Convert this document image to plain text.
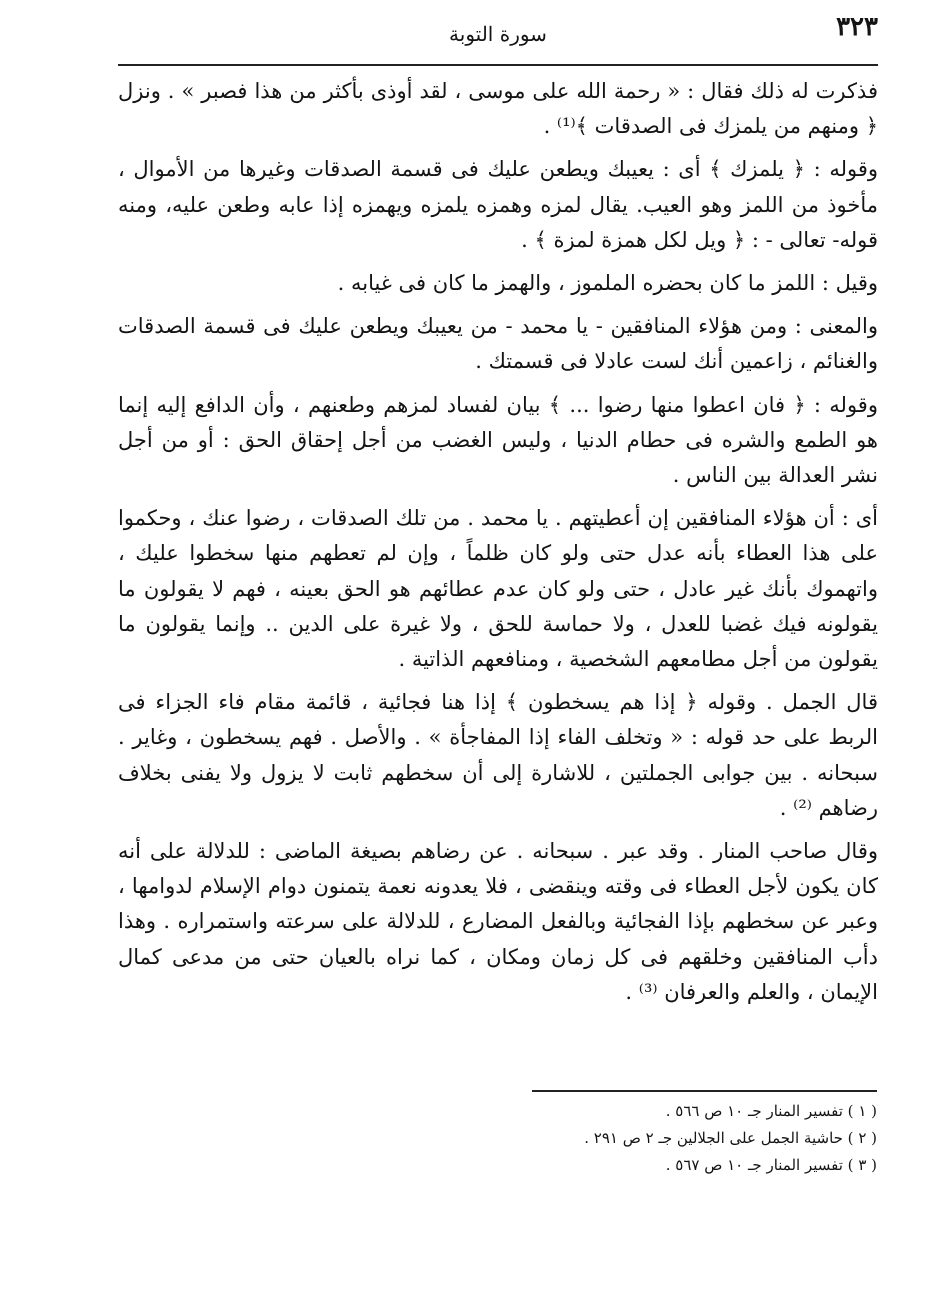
٣٢٣
سورة التوبة

فذكرت له ذلك فقال : « رحمة الله على موسى ، لقد أوذى بأكثر من هذا فصبر » . ونزل ﴿ ومنهم من يلمزك فى الصدقات ﴾⁽¹⁾ .

وقوله : ﴿ يلمزك ﴾ أى : يعيبك ويطعن عليك فى قسمة الصدقات وغيرها من الأموال ، مأخوذ من اللمز وهو العيب. يقال لمزه وهمزه يلمزه ويهمزه إذا عابه وطعن عليه، ومنه قوله- تعالى - : ﴿ ويل لكل همزة لمزة ﴾ .

وقيل : اللمز ما كان بحضره الملموز ، والهمز ما كان فى غيابه .

والمعنى : ومن هؤلاء المنافقين - يا محمد - من يعيبك ويطعن عليك فى قسمة الصدقات والغنائم ، زاعمين أنك لست عادلا فى قسمتك .

وقوله : ﴿ فان اعطوا منها رضوا ... ﴾ بيان لفساد لمزهم وطعنهم ، وأن الدافع إليه إنما هو الطمع والشره فى حطام الدنيا ، وليس الغضب من أجل إحقاق الحق : أو من أجل نشر العدالة بين الناس .

أى : أن هؤلاء المنافقين إن أعطيتهم . يا محمد . من تلك الصدقات ، رضوا عنك ، وحكموا على هذا العطاء بأنه عدل حتى ولو كان ظلماً ، وإن لم تعطهم منها سخطوا عليك ، واتهموك بأنك غير عادل ، حتى ولو كان عدم عطائهم هو الحق بعينه ، فهم لا يقولون ما يقولونه فيك غضبا للعدل ، ولا حماسة للحق ، ولا غيرة على الدين .. وإنما يقولون ما يقولون من أجل مطامعهم الشخصية ، ومنافعهم الذاتية .

قال الجمل . وقوله ﴿ إذا هم يسخطون ﴾ إذا هنا فجائية ، قائمة مقام فاء الجزاء فى الربط على حد قوله : « وتخلف الفاء إذا المفاجأة » . والأصل . فهم يسخطون ، وغاير . سبحانه . بين جوابى الجملتين ، للاشارة إلى أن سخطهم ثابت لا يزول ولا يفنى بخلاف رضاهم ⁽²⁾ .

وقال صاحب المنار . وقد عبر . سبحانه . عن رضاهم بصيغة الماضى : للدلالة على أنه كان يكون لأجل العطاء فى وقته وينقضى ، فلا يعدونه نعمة يتمنون دوام الإسلام لدوامها ، وعبر عن سخطهم بإذا الفجائية وبالفعل المضارع ، للدلالة على سرعته واستمراره . وهذا دأب المنافقين وخلقهم فى كل زمان ومكان ، كما نراه بالعيان حتى من مدعى كمال الإيمان ، والعلم والعرفان ⁽³⁾ .

( ١ ) تفسير المنار جـ ١٠ ص ٥٦٦ .

( ٢ ) حاشية الجمل على الجلالين جـ ٢ ص ٢٩١ .

( ٣ ) تفسير المنار جـ ١٠ ص ٥٦٧ .
